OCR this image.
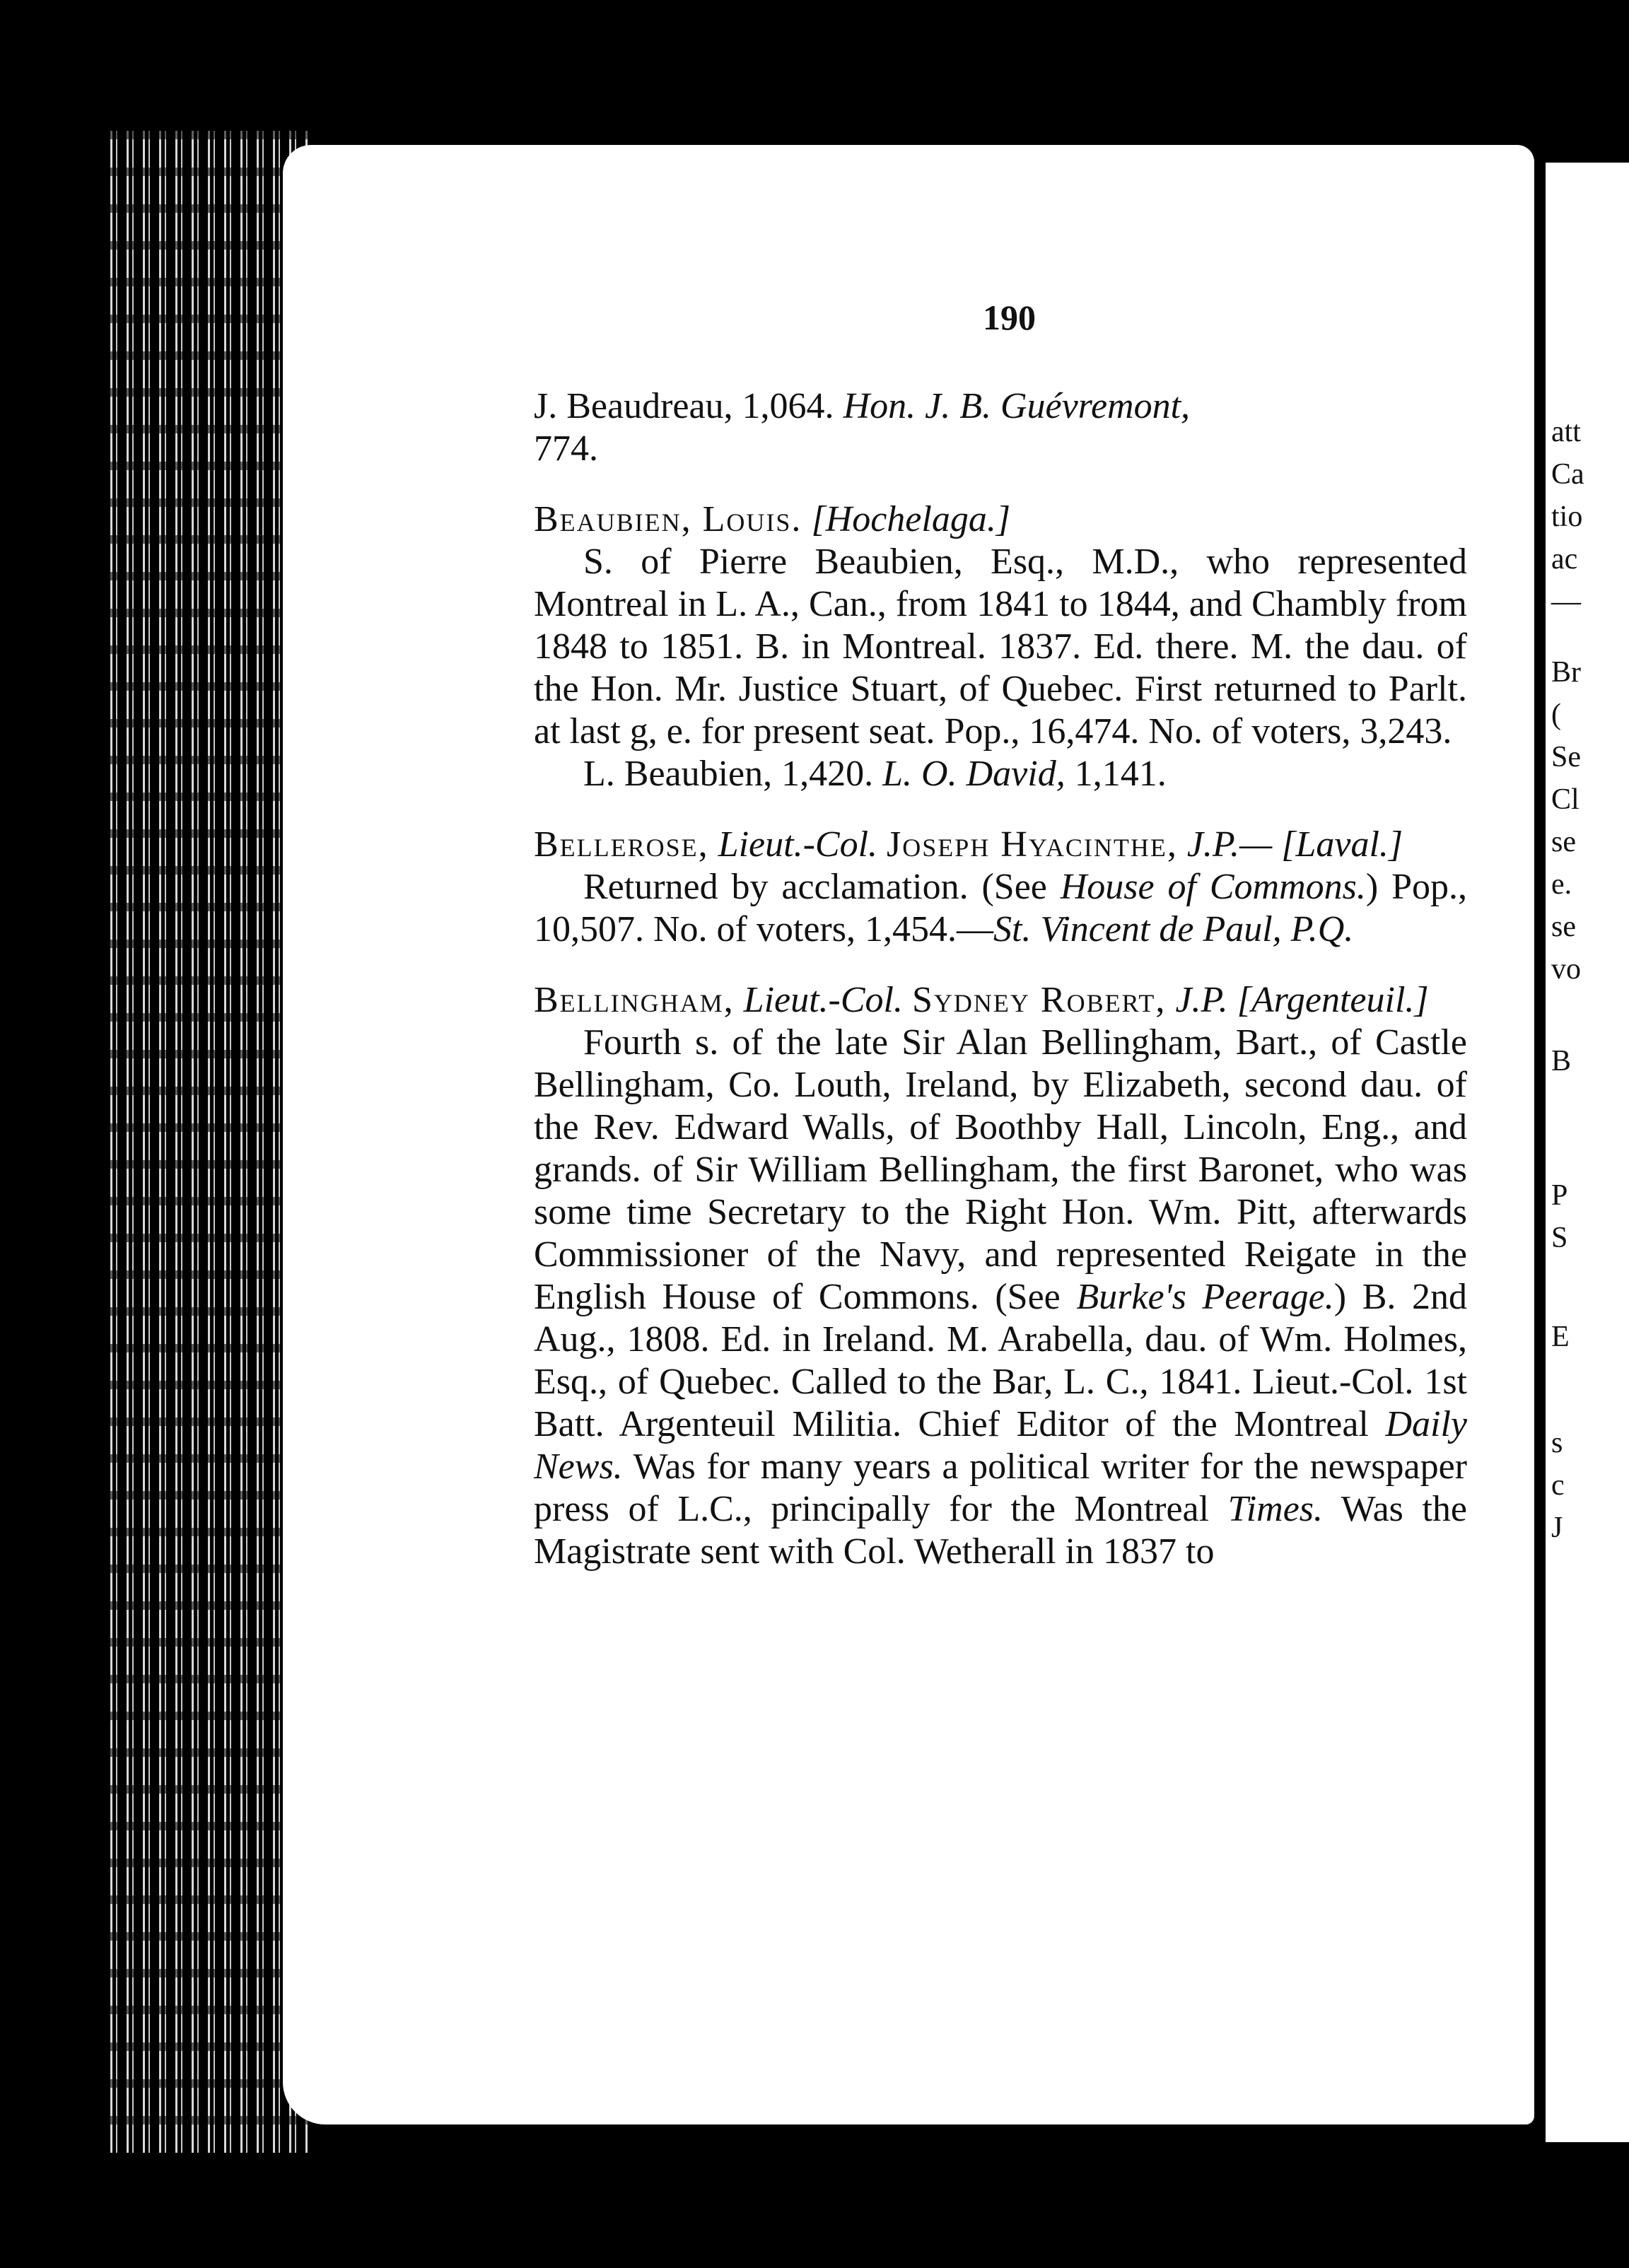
att
Ca
tio
ac
—
Br
(
Se
Cl
se
e.
se
vo
B
P
S
E
s
c
J
190

J. Beaudreau, 1,064. Hon. J. B. Guévremont,

774.

Beaubien, Louis. [Hochelaga.]

S. of Pierre Beaubien, Esq., M.D., who represented Montreal in L. A., Can., from 1841 to 1844, and Chambly from 1848 to 1851. B. in Montreal. 1837. Ed. there. M. the dau. of the Hon. Mr. Justice Stuart, of Quebec. First returned to Parlt. at last g, e. for present seat. Pop., 16,474. No. of voters, 3,243.

L. Beaubien, 1,420. L. O. David, 1,141.

Bellerose, Lieut.-Col. Joseph Hyacinthe, J.P.— [Laval.]

Returned by acclamation. (See House of Commons.) Pop., 10,507. No. of voters, 1,454.—St. Vincent de Paul, P.Q.

Bellingham, Lieut.-Col. Sydney Robert, J.P. [Argenteuil.]

Fourth s. of the late Sir Alan Bellingham, Bart., of Castle Bellingham, Co. Louth, Ireland, by Elizabeth, second dau. of the Rev. Edward Walls, of Boothby Hall, Lincoln, Eng., and grands. of Sir William Bellingham, the first Baronet, who was some time Secretary to the Right Hon. Wm. Pitt, afterwards Commissioner of the Navy, and represented Reigate in the English House of Commons. (See Burke's Peerage.) B. 2nd Aug., 1808. Ed. in Ireland. M. Arabella, dau. of Wm. Holmes, Esq., of Quebec. Called to the Bar, L. C., 1841. Lieut.-Col. 1st Batt. Argenteuil Militia. Chief Editor of the Montreal Daily News. Was for many years a political writer for the newspaper press of L.C., principally for the Montreal Times. Was the Magistrate sent with Col. Wetherall in 1837 to
